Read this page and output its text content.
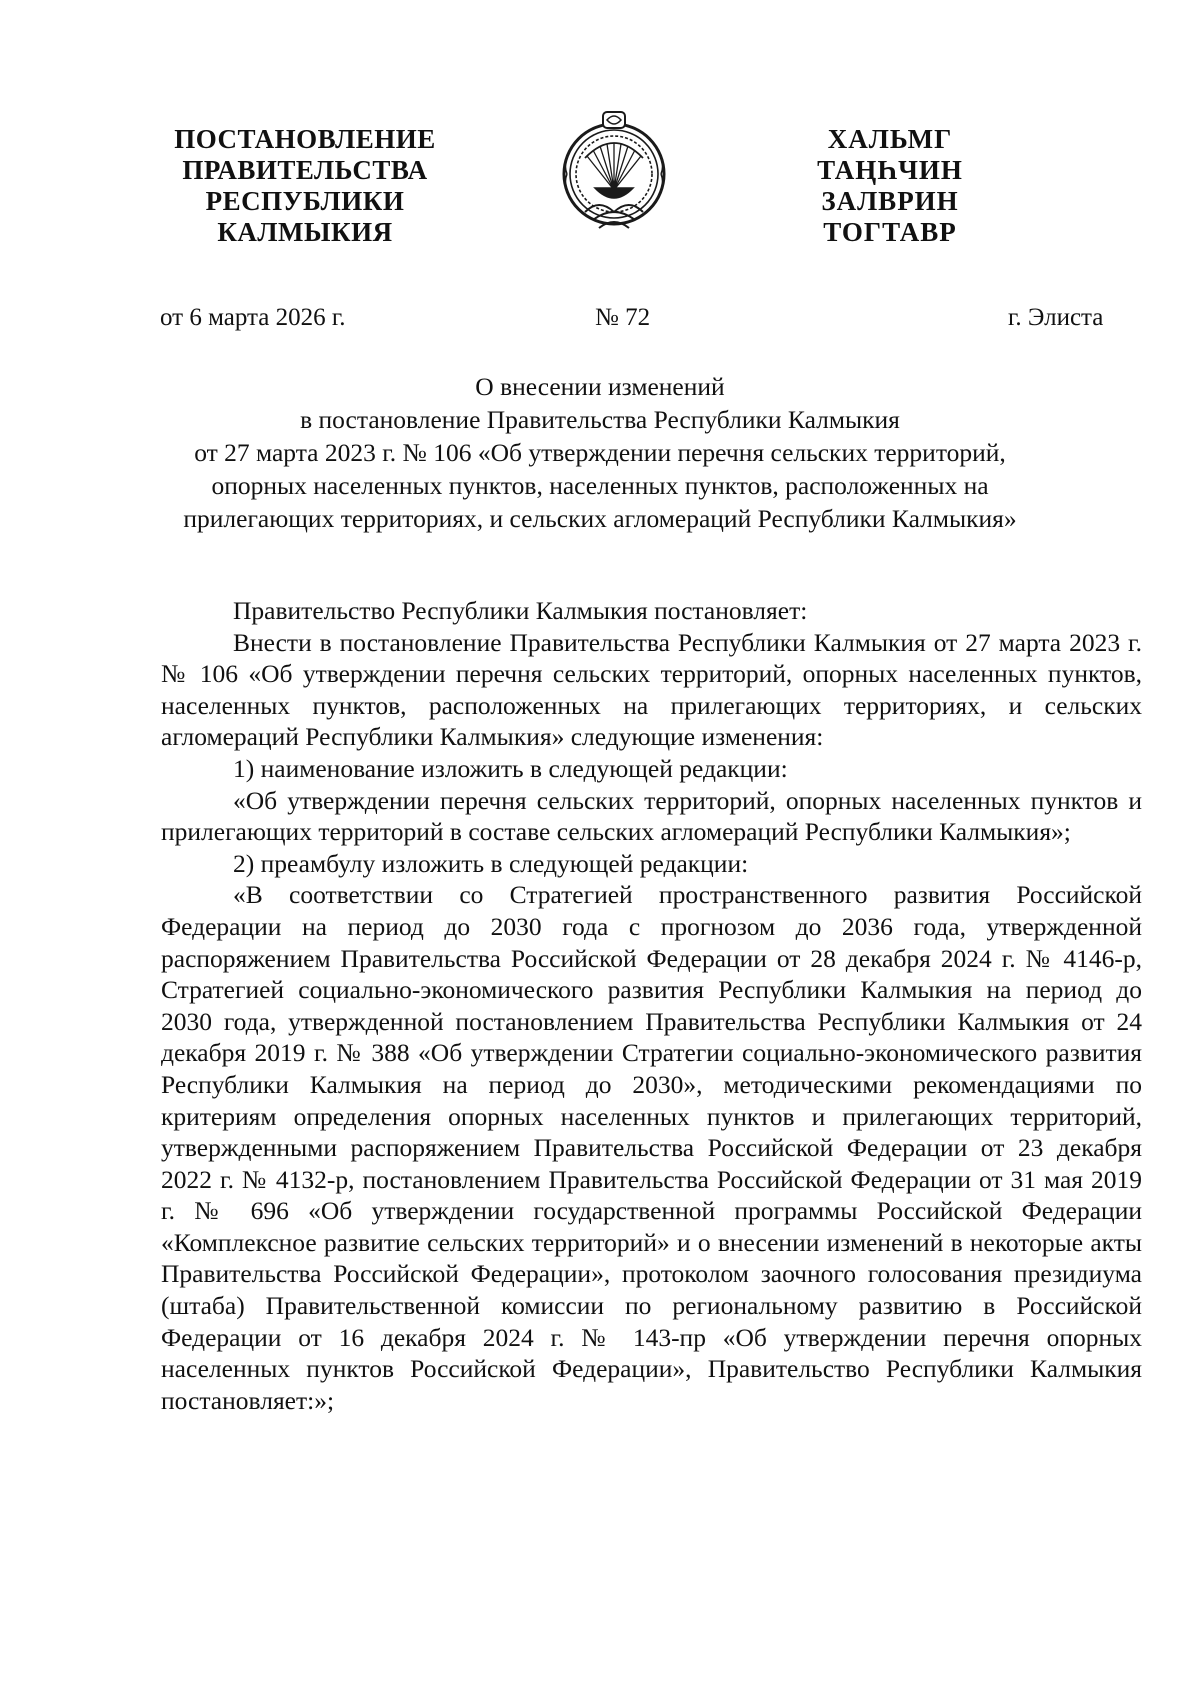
ПОСТАНОВЛЕНИЕ
ПРАВИТЕЛЬСТВА
РЕСПУБЛИКИ
КАЛМЫКИЯ
ХАЛЬМГ
ТАҢҺЧИН
ЗАЛВРИН
ТОГТАВР
от 6 марта 2026 г.	№ 72	г. Элиста
О внесении изменений
в постановление Правительства Республики Калмыкия
от 27 марта 2023 г. № 106 «Об утверждении перечня сельских территорий,
опорных населенных пунктов, населенных пунктов, расположенных на
прилегающих территориях, и сельских агломераций Республики Калмыкия»

Правительство Республики Калмыкия постановляет:

Внести в постановление Правительства Республики Калмыкия от 27 марта 2023 г. № 106 «Об утверждении перечня сельских территорий, опорных населенных пунктов, населенных пунктов, расположенных на прилегающих территориях, и сельских агломераций Республики Калмыкия» следующие изменения:

1) наименование изложить в следующей редакции:

«Об утверждении перечня сельских территорий, опорных населенных пунктов и прилегающих территорий в составе сельских агломераций Республики Калмыкия»;

2) преамбулу изложить в следующей редакции:

«В соответствии со Стратегией пространственного развития Российской Федерации на период до 2030 года с прогнозом до 2036 года, утвержденной распоряжением Правительства Российской Федерации от 28 декабря 2024 г. № 4146-р, Стратегией социально-экономического развития Республики Калмыкия на период до 2030 года, утвержденной постановлением Правительства Республики Калмыкия от 24 декабря 2019 г. № 388 «Об утверждении Стратегии социально-экономического развития Республики Калмыкия на период до 2030», методическими рекомендациями по критериям определения опорных населенных пунктов и прилегающих территорий, утвержденными распоряжением Правительства Российской Федерации от 23 декабря 2022 г. № 4132-р, постановлением Правительства Российской Федерации от 31 мая 2019 г. № 696 «Об утверждении государственной программы Российской Федерации «Комплексное развитие сельских территорий» и о внесении изменений в некоторые акты Правительства Российской Федерации», протоколом заочного голосования президиума (штаба) Правительственной комиссии по региональному развитию в Российской Федерации от 16 декабря 2024 г. № 143-пр «Об утверждении перечня опорных населенных пунктов Российской Федерации», Правительство Республики Калмыкия постановляет:»;
